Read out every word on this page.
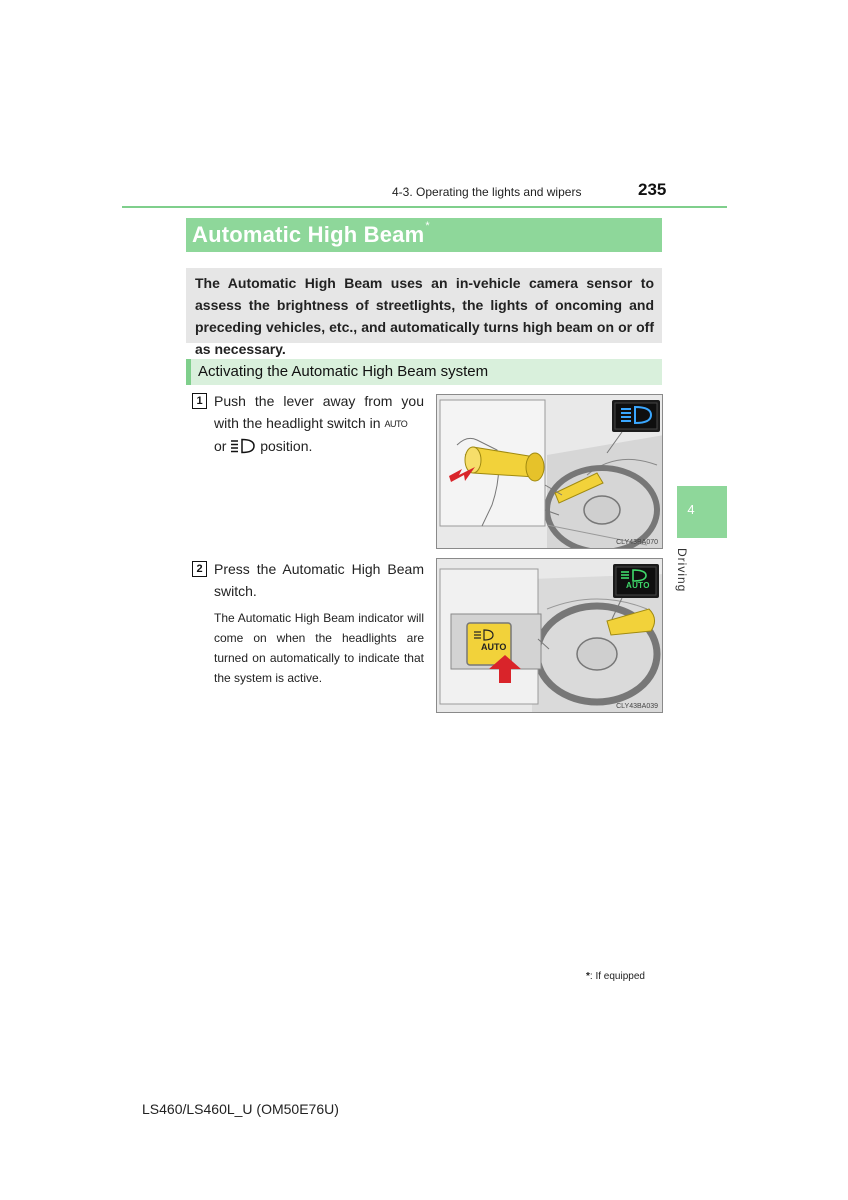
4-3. Operating the lights and wipers	235
Automatic High Beam*
The Automatic High Beam uses an in-vehicle camera sensor to assess the brightness of streetlights, the lights of oncoming and preceding vehicles, etc., and automatically turns high beam on or off as necessary.
Activating the Automatic High Beam system
1 Push the lever away from you with the headlight switch in AUTO
or position.
CLY43BA070
2 Press the Automatic High Beam switch.
The Automatic High Beam indicator will come on when the headlights are turned on automatically to indicate that the system is active.
AUTO
AUTO
CLY43BA039
4
Driving
*: If equipped
LS460/LS460L_U (OM50E76U)
